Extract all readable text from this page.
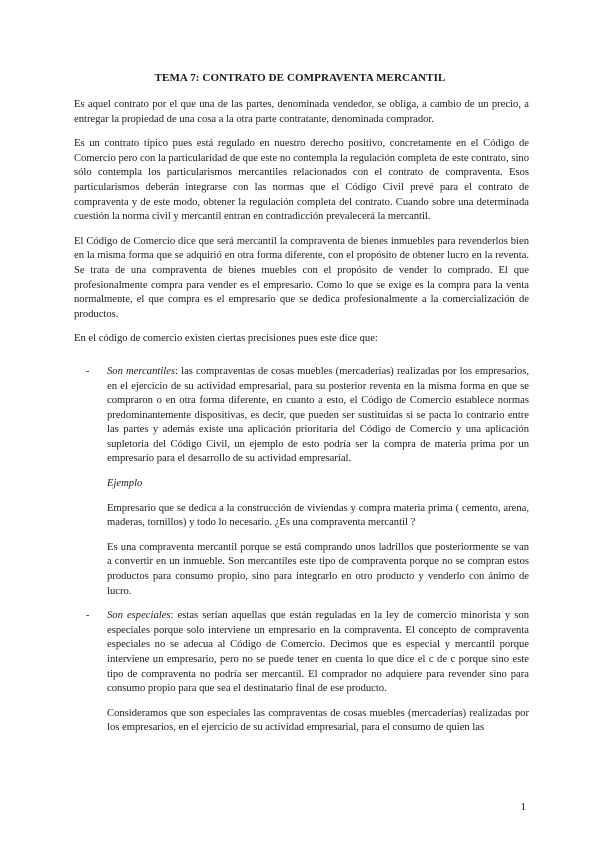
TEMA 7: CONTRATO DE COMPRAVENTA MERCANTIL

Es aquel contrato por el que una de las partes, denominada vendedor, se obliga, a cambio de un precio, a entregar la propiedad de una cosa a la otra parte contratante, denominada comprador.

Es un contrato típico pues está regulado en nuestro derecho positivo, concretamente en el Código de Comercio pero con la particularidad de que este no contempla la regulación completa de este contrato, sino sólo contempla los particularismos mercantiles relacionados con el contrato de compraventa. Esos particularismos deberán integrarse con las normas que el Código Civil prevé para el contrato de compraventa y de este modo, obtener la regulación completa del contrato. Cuando sobre una determinada cuestión la norma civil y mercantil entran en contradicción prevalecerá la mercantil.

El Código de Comercio dice que será mercantil la compraventa de bienes inmuebles para revenderlos bien en la misma forma que se adquirió en otra forma diferente, con el propósito de obtener lucro en la reventa. Se trata de una compraventa de bienes muebles con el propósito de vender lo comprado. El que profesionalmente compra para vender es el empresario. Como lo que se exige es la compra para la venta normalmente, el que compra es el empresario que se dedica profesionalmente a la comercialización de productos.

En el código de comercio existen ciertas precisiones pues este dice que:

- Son mercantiles: las compraventas de cosas muebles (mercaderías) realizadas por los empresarios, en el ejercicio de su actividad empresarial, para su posterior reventa en la misma forma en que se compraron o en otra forma diferente, en cuanto a esto, el Código de Comercio establece normas predominantemente dispositivas, es decir, que pueden ser sustituidas si se pacta lo contrario entre las partes y además existe una aplicación prioritaria del Código de Comercio y una aplicación supletoria del Código Civil, un ejemplo de esto podría ser la compra de materia prima por un empresario para el desarrollo de su actividad empresarial.

Ejemplo

Empresario que se dedica a la construcción de viviendas y compra materia prima ( cemento, arena, maderas, tornillos) y todo lo necesario. ¿Es una compraventa mercantil ?

Es una compraventa mercantil porque se está comprando unos ladrillos que posteriormente se van a convertir en un inmueble. Son mercantiles este tipo de compraventa porque no se compran estos productos para consumo propio, sino para integrarlo en otro producto y venderlo con ánimo de lucro.

- Son especiales: estas serían aquellas que están reguladas en la ley de comercio minorista y son especiales porque solo interviene un empresario en la compraventa. El concepto de compraventa especiales no se adecua al Código de Comercio. Decimos que es especial y mercantil porque interviene un empresario, pero no se puede tener en cuenta lo que dice el c de c porque sino este tipo de compraventa no podría ser mercantil. El comprador no adquiere para revender sino para consumo propio para que sea el destinatario final de ese producto.

Consideramos que son especiales las compraventas de cosas muebles (mercaderías) realizadas por los empresarios, en el ejercicio de su actividad empresarial, para el consumo de quien las

1
